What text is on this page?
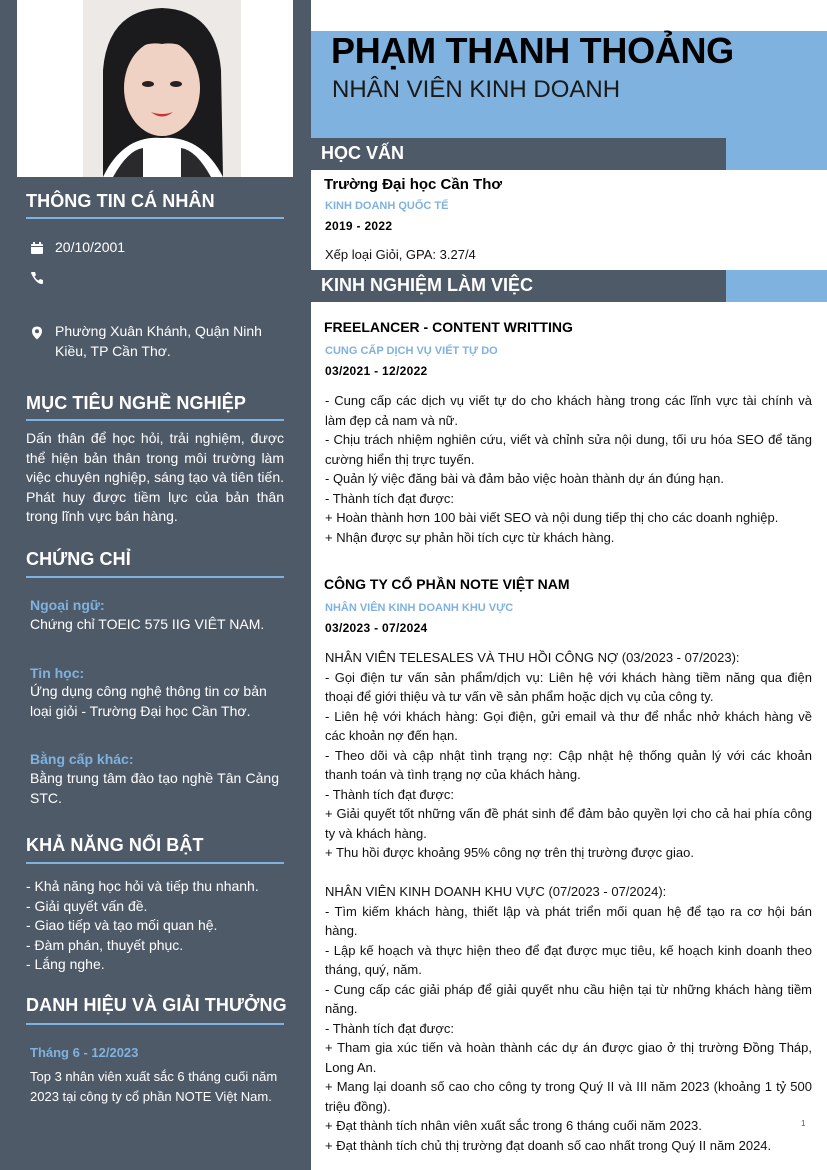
THÔNG TIN CÁ NHÂN
20/10/2001
Phường Xuân Khánh, Quận Ninh Kiều, TP Cần Thơ.
MỤC TIÊU NGHỀ NGHIỆP
Dấn thân để học hỏi, trải nghiệm, được thể hiện bản thân trong môi trường làm việc chuyên nghiệp, sáng tạo và tiên tiến. Phát huy được tiềm lực của bản thân trong lĩnh vực bán hàng.
CHỨNG CHỈ
Ngoại ngữ:
Chứng chỉ TOEIC 575 IIG VIÊT NAM.
Tin học:
Ứng dụng công nghệ thông tin cơ bản loại giỏi - Trường Đại học Cần Thơ.
Bằng cấp khác:
Bằng trung tâm đào tạo nghề Tân Cảng STC.
KHẢ NĂNG NỔI BẬT
- Khả năng học hỏi và tiếp thu nhanh.
- Giải quyết vấn đề.
- Giao tiếp và tạo mối quan hệ.
- Đàm phán, thuyết phục.
- Lắng nghe.
DANH HIỆU VÀ GIẢI THƯỞNG
Tháng 6 - 12/2023
Top 3 nhân viên xuất sắc 6 tháng cuối năm 2023 tại công ty cổ phần NOTE Việt Nam.
PHẠM THANH THOẢNG
NHÂN VIÊN KINH DOANH
HỌC VẤN
Trường Đại học Cần Thơ
KINH DOANH QUỐC TẾ
2019 - 2022
Xếp loại Giỏi, GPA: 3.27/4
KINH NGHIỆM LÀM VIỆC
FREELANCER - CONTENT WRITTING
CUNG CẤP DỊCH VỤ VIẾT TỰ DO
03/2021 - 12/2022

- Cung cấp các dịch vụ viết tự do cho khách hàng trong các lĩnh vực tài chính và làm đẹp cả nam và nữ.

- Chịu trách nhiệm nghiên cứu, viết và chỉnh sửa nội dung, tối ưu hóa SEO để tăng cường hiển thị trực tuyến.

- Quản lý việc đăng bài và đảm bảo việc hoàn thành dự án đúng hạn.

- Thành tích đạt được:

+ Hoàn thành hơn 100 bài viết SEO và nội dung tiếp thị cho các doanh nghiệp.

+ Nhận được sự phản hồi tích cực từ khách hàng.

CÔNG TY CỔ PHẦN NOTE VIỆT NAM
NHÂN VIÊN KINH DOANH KHU VỰC
03/2023 - 07/2024

NHÂN VIÊN TELESALES VÀ THU HỒI CÔNG NỢ (03/2023 - 07/2023):

- Gọi điện tư vấn sản phẩm/dịch vụ: Liên hệ với khách hàng tiềm năng qua điện thoại để giới thiệu và tư vấn về sản phẩm hoặc dịch vụ của công ty.

- Liên hệ với khách hàng: Gọi điện, gửi email và thư để nhắc nhở khách hàng về các khoản nợ đến hạn.

- Theo dõi và cập nhật tình trạng nợ: Cập nhật hệ thống quản lý với các khoản thanh toán và tình trạng nợ của khách hàng.

- Thành tích đạt được:

+ Giải quyết tốt những vấn đề phát sinh để đảm bảo quyền lợi cho cả hai phía công ty và khách hàng.

+ Thu hồi được khoảng 95% công nợ trên thị trường được giao.

NHÂN VIÊN KINH DOANH KHU VỰC (07/2023 - 07/2024):

- Tìm kiếm khách hàng, thiết lập và phát triển mối quan hệ để tạo ra cơ hội bán hàng.

- Lập kế hoạch và thực hiện theo để đạt được mục tiêu, kế hoạch kinh doanh theo tháng, quý, năm.

- Cung cấp các giải pháp để giải quyết nhu cầu hiện tại từ những khách hàng tiềm năng.

- Thành tích đạt được:

+ Tham gia xúc tiến và hoàn thành các dự án được giao ở thị trường Đồng Tháp, Long An.

+ Mang lại doanh số cao cho công ty trong Quý II và III năm 2023 (khoảng 1 tỷ 500 triệu đồng).

+ Đạt thành tích nhân viên xuất sắc trong 6 tháng cuối năm 2023.

+ Đạt thành tích chủ thị trường đạt doanh số cao nhất trong Quý II năm 2024.

1
